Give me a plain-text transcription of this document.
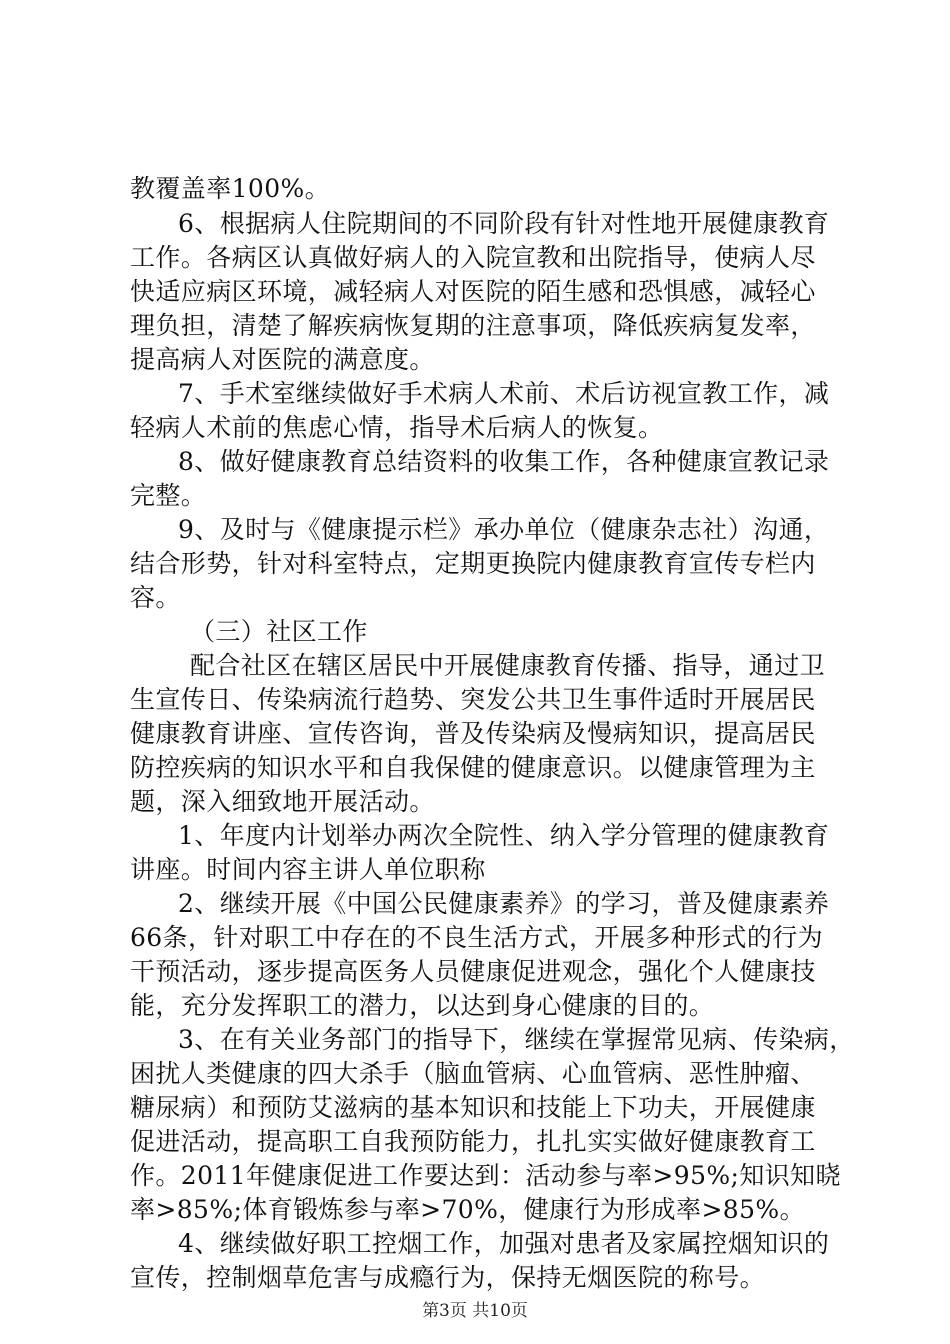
教覆盖率100%。
6、根据病人住院期间的不同阶段有针对性地开展健康教育
工作。各病区认真做好病人的入院宣教和出院指导，使病人尽
快适应病区环境，减轻病人对医院的陌生感和恐惧感，减轻心
理负担，清楚了解疾病恢复期的注意事项，降低疾病复发率，
提高病人对医院的满意度。
7、手术室继续做好手术病人术前、术后访视宣教工作，减
轻病人术前的焦虑心情，指导术后病人的恢复。
8、做好健康教育总结资料的收集工作，各种健康宣教记录
完整。
9、及时与《健康提示栏》承办单位（健康杂志社）沟通，
结合形势，针对科室特点，定期更换院内健康教育宣传专栏内
容。
（三）社区工作
配合社区在辖区居民中开展健康教育传播、指导，通过卫
生宣传日、传染病流行趋势、突发公共卫生事件适时开展居民
健康教育讲座、宣传咨询，普及传染病及慢病知识，提高居民
防控疾病的知识水平和自我保健的健康意识。以健康管理为主
题，深入细致地开展活动。
1、年度内计划举办两次全院性、纳入学分管理的健康教育
讲座。时间内容主讲人单位职称
2、继续开展《中国公民健康素养》的学习，普及健康素养
66条，针对职工中存在的不良生活方式，开展多种形式的行为
干预活动，逐步提高医务人员健康促进观念，强化个人健康技
能，充分发挥职工的潜力，以达到身心健康的目的。
3、在有关业务部门的指导下，继续在掌握常见病、传染病，
困扰人类健康的四大杀手（脑血管病、心血管病、恶性肿瘤、
糖尿病）和预防艾滋病的基本知识和技能上下功夫，开展健康
促进活动，提高职工自我预防能力，扎扎实实做好健康教育工
作。2011年健康促进工作要达到：活动参与率>95%;知识知晓
率>85%;体育锻炼参与率>70%，健康行为形成率>85%。
4、继续做好职工控烟工作，加强对患者及家属控烟知识的
宣传，控制烟草危害与成瘾行为，保持无烟医院的称号。
第3页 共10页
